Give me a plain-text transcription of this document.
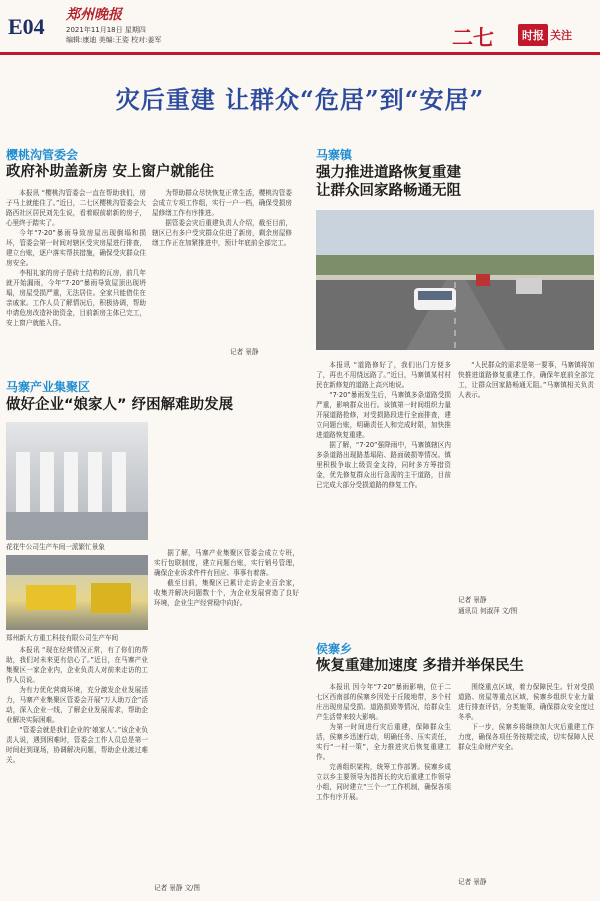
E04 郑州晚报
2021年11月18日 星期四
编辑:康迪 美编:王姿 校对:姜军	二七	时报 关注
灾后重建 让群众“危居”到“安居”
樱桃沟管委会
政府补助盖新房 安上窗户就能住

本报讯 “樱桃沟管委会一直在帮助我们，房子马上就能住了。”近日，二七区樱桃沟管委会大路西社区居民刘先生说，看着眼前崭新的房子，心里终于踏实了。

今年“7·20”暴雨导致房屋出现倒塌和损坏，管委会第一时间对辖区受灾房屋进行排查，建立台账，逐户落实帮扶措施，确保受灾群众住房安全。

李相礼家的房子是砖土结构的瓦房，前几年就开始漏雨，今年“7·20”暴雨导致屋顶出现坍塌，房屋受损严重，无法居住。全家只能借住在亲戚家。工作人员了解情况后，积极协调，帮助申请危房改造补助资金，目前新房主体已完工，安上窗户就能入住。

为帮助群众尽快恢复正常生活，樱桃沟管委会成立专项工作组，实行一户一档，确保受损房屋修缮工作有序推进。

据管委会灾后重建负责人介绍，截至目前，辖区已有多户受灾群众住进了新房，剩余房屋修缮工作正在加紧推进中，预计年底前全部完工。

记者 景静
马寨镇
强力推进道路恢复重建
让群众回家路畅通无阻

本报讯 “道路修好了，我们出门方便多了，再也不用绕远路了。”近日，马寨镇某村村民在新修复的道路上高兴地说。

“7·20”暴雨发生后，马寨镇多条道路受损严重，影响群众出行。该镇第一时间组织力量开展道路抢修，对受损路段进行全面排查，建立问题台账，明确责任人和完成时限，加快推进道路恢复重建。

据了解，“7·20”强降雨中，马寨镇辖区内多条道路出现路基塌陷、路面破损等情况。镇里积极争取上级资金支持，同时多方筹措资金，优先修复群众出行急需的主干道路，目前已完成大部分受损道路的修复工作。

“人民群众的需求是第一要事，马寨镇将加快推进道路修复重建工作，确保年底前全部完工，让群众回家路畅通无阻。”马寨镇相关负责人表示。

记者 景静
通讯员 何淑萍 文/图
马寨产业集聚区
做好企业“娘家人” 纾困解难助发展
花花牛公司生产车间一派繁忙景象
郑州新大方重工科技有限公司生产车间

本报讯 “现在经营情况正常，有了你们的帮助，我们对未来更有信心了。”近日，在马寨产业集聚区一家企业内，企业负责人对前来走访的工作人员说。

为有力优化营商环境，充分激发企业发展活力，马寨产业集聚区管委会开展“万人助万企”活动，深入企业一线，了解企业发展需求，帮助企业解决实际困难。

“管委会就是我们企业的‘娘家人’。”该企业负责人说，遇到困难时，管委会工作人员总是第一时间赶到现场，协调解决问题，帮助企业渡过难关。

据了解，马寨产业集聚区管委会成立专班，实行包联制度，建立问题台账，实行销号管理，确保企业诉求件件有回应、事事有着落。

截至目前，集聚区已累计走访企业百余家，收集并解决问题数十个，为企业发展营造了良好环境，企业生产经营稳中向好。

记者 景静 文/图
侯寨乡
恢复重建加速度 多措并举保民生

本报讯 因今年“7·20”暴雨影响，位于二七区西南部的侯寨乡因处于丘陵地带，多个村庄出现房屋受损、道路损毁等情况，给群众生产生活带来较大影响。

为第一时间进行灾后重建，保障群众生活，侯寨乡迅速行动，明确任务、压实责任，实行“一村一策”，全力推进灾后恢复重建工作。

完善组织架构，统筹工作部署。侯寨乡成立以乡主要领导为指挥长的灾后重建工作领导小组，同时建立“三个一”工作机制，确保各项工作有序开展。

围绕重点区域，着力保障民生。针对受损道路、房屋等重点区域，侯寨乡组织专业力量进行排查评估，分类施策，确保群众安全度过冬季。

下一步，侯寨乡将继续加大灾后重建工作力度，确保各项任务按期完成，切实保障人民群众生命财产安全。

记者 景静
